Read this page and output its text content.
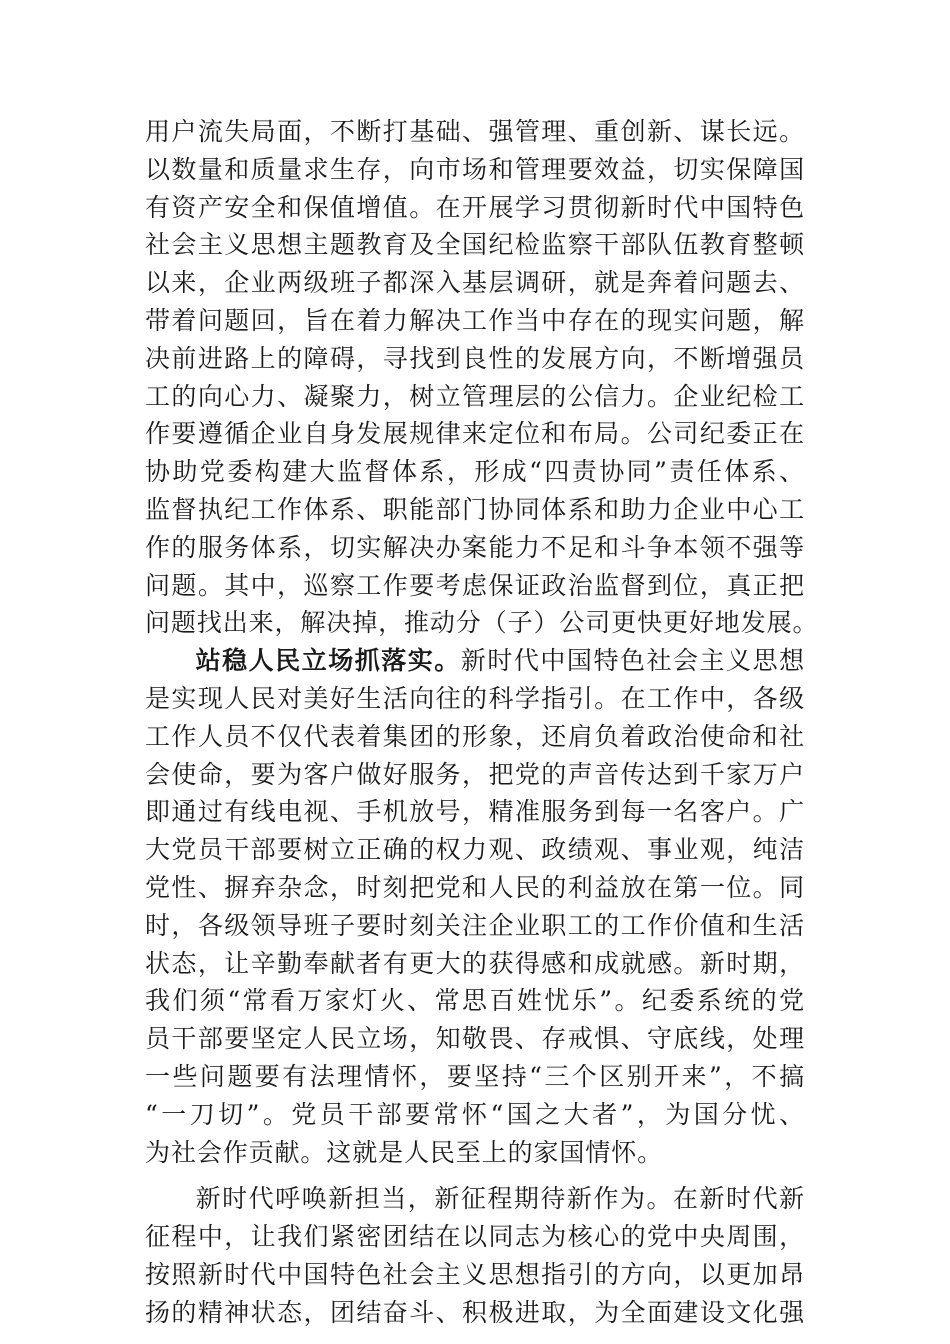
用户流失局面，不断打基础、强管理、重创新、谋长远。
以数量和质量求生存，向市场和管理要效益，切实保障国
有资产安全和保值增值。在开展学习贯彻新时代中国特色
社会主义思想主题教育及全国纪检监察干部队伍教育整顿
以来，企业两级班子都深入基层调研，就是奔着问题去、
带着问题回，旨在着力解决工作当中存在的现实问题，解
决前进路上的障碍，寻找到良性的发展方向，不断增强员
工的向心力、凝聚力，树立管理层的公信力。企业纪检工
作要遵循企业自身发展规律来定位和布局。公司纪委正在
协助党委构建大监督体系，形成“四责协同”责任体系、
监督执纪工作体系、职能部门协同体系和助力企业中心工
作的服务体系，切实解决办案能力不足和斗争本领不强等
问题。其中，巡察工作要考虑保证政治监督到位，真正把
问题找出来，解决掉，推动分（子）公司更快更好地发展。
站稳人民立场抓落实。新时代中国特色社会主义思想
是实现人民对美好生活向往的科学指引。在工作中，各级
工作人员不仅代表着集团的形象，还肩负着政治使命和社
会使命，要为客户做好服务，把党的声音传达到千家万户
即通过有线电视、手机放号，精准服务到每一名客户。广
大党员干部要树立正确的权力观、政绩观、事业观，纯洁
党性、摒弃杂念，时刻把党和人民的利益放在第一位。同
时，各级领导班子要时刻关注企业职工的工作价值和生活
状态，让辛勤奉献者有更大的获得感和成就感。新时期，
我们须“常看万家灯火、常思百姓忧乐”。纪委系统的党
员干部要坚定人民立场，知敬畏、存戒惧、守底线，处理
一些问题要有法理情怀，要坚持“三个区别开来”，不搞
“一刀切”。党员干部要常怀“国之大者”，为国分忧、
为社会作贡献。这就是人民至上的家国情怀。
新时代呼唤新担当，新征程期待新作为。在新时代新
征程中，让我们紧密团结在以同志为核心的党中央周围，
按照新时代中国特色社会主义思想指引的方向，以更加昂
扬的精神状态，团结奋斗、积极进取，为全面建设文化强
